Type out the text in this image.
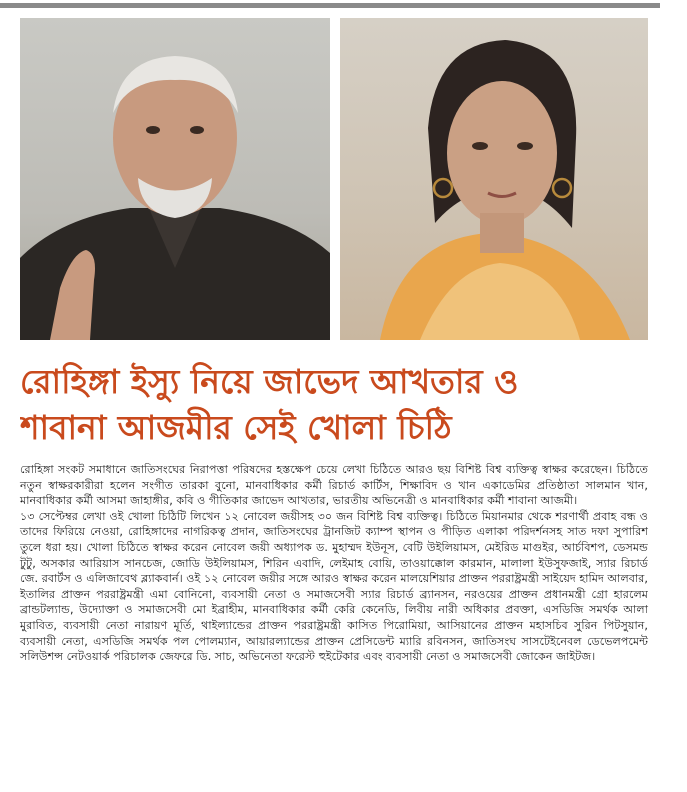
রোহিঙ্গা ইস্যু নিয়ে জাভেদ আখতার ও
শাবানা আজমীর সেই খোলা চিঠি

রোহিঙ্গা সংকট সমাধানে জাতিসংঘের নিরাপত্তা পরিষদের হস্তক্ষেপ চেয়ে লেখা চিঠিতে আরও ছয় বিশিষ্ট বিশ্ব ব্যক্তিত্ব স্বাক্ষর করেছেন। চিঠিতে নতুন স্বাক্ষরকারীরা হলেন সংগীত তারকা বুনো, মানবাধিকার কর্মী রিচার্ড কার্টিস, শিক্ষাবিদ ও খান একাডেমির প্রতিষ্ঠাতা সালমান খান, মানবাধিকার কর্মী আসমা জাহাঙ্গীর, কবি ও গীতিকার জাভেদ আখতার, ভারতীয় অভিনেত্রী ও মানবাধিকার কর্মী শাবানা আজমী।

১৩ সেপ্টেম্বর লেখা ওই খোলা চিঠিটি লিখেন ১২ নোবেল জয়ীসহ ৩০ জন বিশিষ্ট বিশ্ব ব্যক্তিত্ব। চিঠিতে মিয়ানমার থেকে শরণার্থী প্রবাহ বন্ধ ও তাদের ফিরিয়ে নেওয়া, রোহিঙ্গাদের নাগরিকত্ব প্রদান, জাতিসংঘের ট্রানজিট ক্যাম্প স্থাপন ও পীড়িত এলাকা পরিদর্শনসহ সাত দফা সুপারিশ তুলে ধরা হয়। খোলা চিঠিতে স্বাক্ষর করেন নোবেল জয়ী অধ্যাপক ড. মুহাম্মদ ইউনূস, বেটি উইলিয়ামস, মেইরিড মাগুইর, আর্চবিশপ, ডেসমন্ড টুটু, অসকার আরিয়াস সানচেজ, জোডি উইলিয়ামস, শিরিন এবাদি, লেইমাহ বোয়ি, তাওয়াক্কোল কারমান, মালালা ইউসুফজাই, স্যার রিচার্ড জে. রবার্টস ও এলিজাবেথ ব্ল্যাকবার্ন। ওই ১২ নোবেল জয়ীর সঙ্গে আরও স্বাক্ষর করেন মালয়েশিয়ার প্রাক্তন পররাষ্ট্রমন্ত্রী সাইয়েদ হামিদ আলবার, ইতালির প্রাক্তন পররাষ্ট্রমন্ত্রী এমা বোনিনো, ব্যবসায়ী নেতা ও সমাজসেবী স্যার রিচার্ড ব্র্যানসন, নরওয়ের প্রাক্তন প্রধানমন্ত্রী গ্রো হারলেম ব্রান্ডটল্যান্ড, উদ্যোক্তা ও সমাজসেবী মো ইব্রাহীম, মানবাধিকার কর্মী কেরি কেনেডি, লিবীয় নারী অধিকার প্রবক্তা, এসডিজি সমর্থক আলা মুরাবিত, ব্যবসায়ী নেতা নারায়ণ মূর্তি, থাইল্যান্ডের প্রাক্তন পররাষ্ট্রমন্ত্রী কাসিত পিরোমিয়া, আসিয়ানের প্রাক্তন মহাসচিব সুরিন পিটসুয়ান, ব্যবসায়ী নেতা, এসডিজি সমর্থক পল পোলম্যান, আয়ারল্যান্ডের প্রাক্তন প্রেসিডেন্ট ম্যারি রবিনসন, জাতিসংঘ সাসটেইনেবল ডেভেলপমেন্ট সলিউশন্স নেটওয়ার্ক পরিচালক জেফরে ডি. সাচ, অভিনেতা ফরেস্ট হুইটেকার এবং ব্যবসায়ী নেতা ও সমাজসেবী জোকেন জাইটজ।
